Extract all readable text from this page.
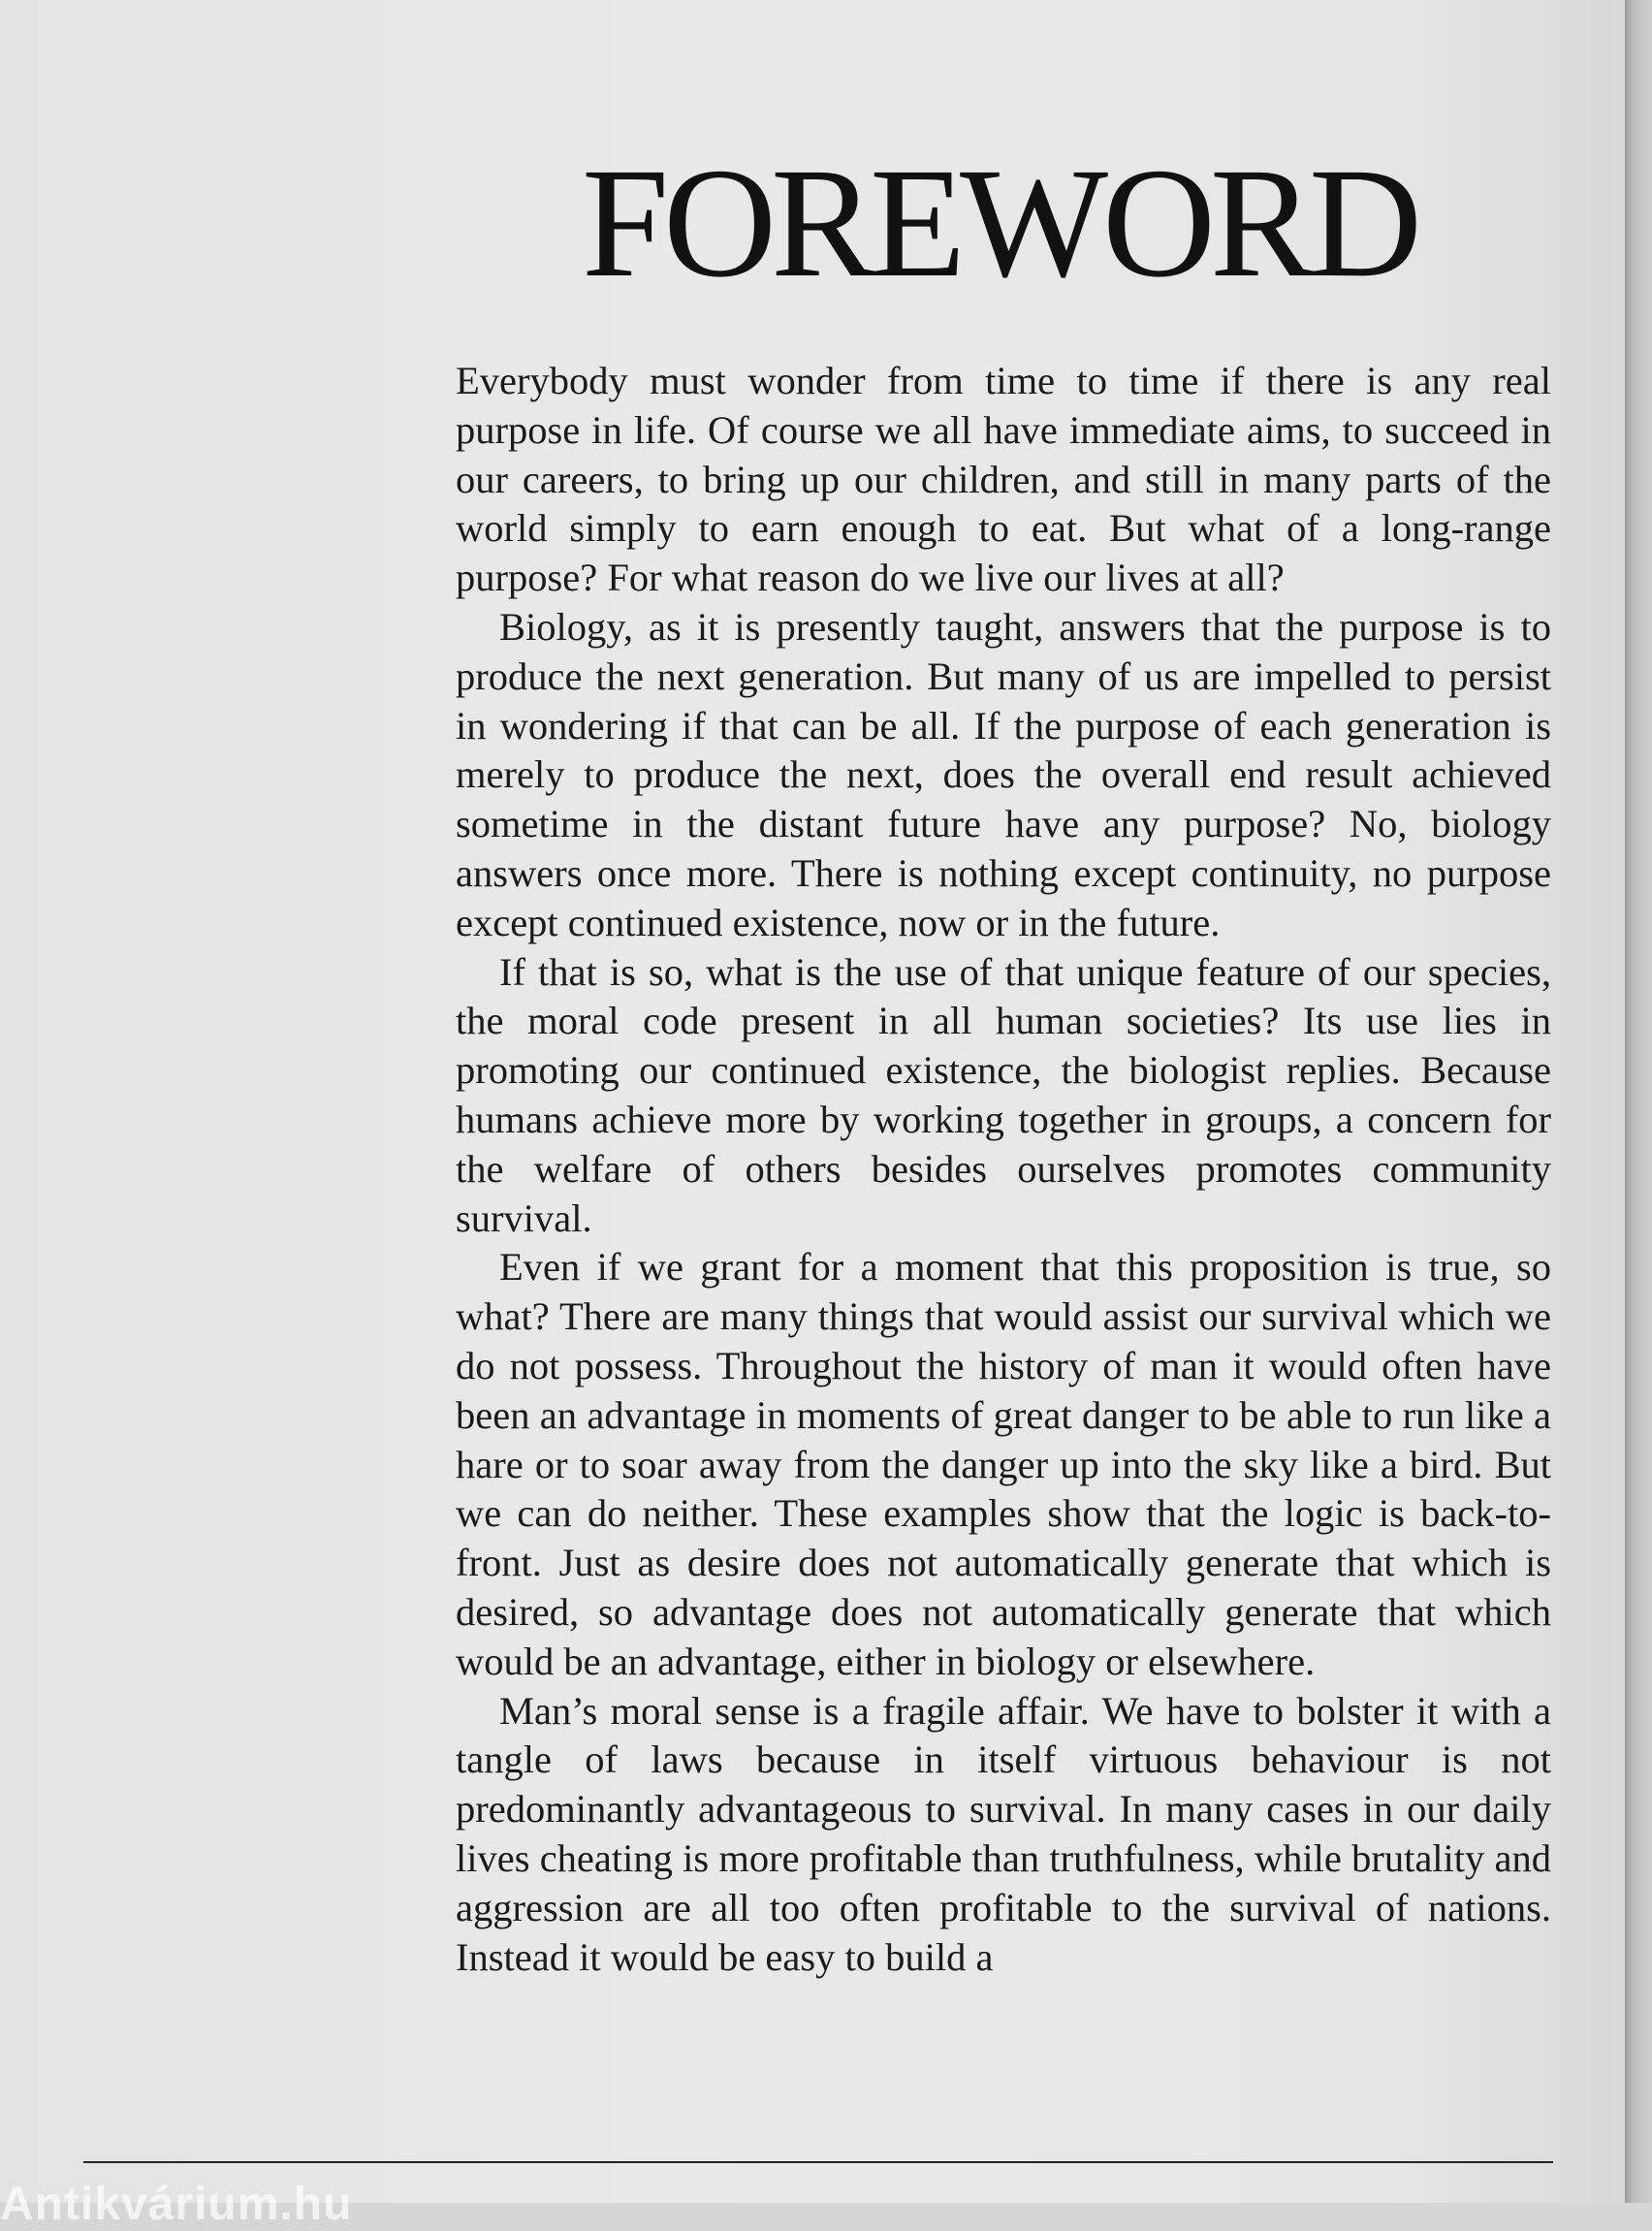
FOREWORD

Everybody must wonder from time to time if there is any real purpose in life. Of course we all have immediate aims, to succeed in our careers, to bring up our children, and still in many parts of the world simply to earn enough to eat. But what of a long-range purpose? For what reason do we live our lives at all?

Biology, as it is presently taught, answers that the purpose is to produce the next generation. But many of us are impelled to persist in wondering if that can be all. If the purpose of each generation is merely to produce the next, does the overall end result achieved sometime in the distant future have any purpose? No, biology answers once more. There is nothing except continuity, no purpose except continued existence, now or in the future.

If that is so, what is the use of that unique feature of our species, the moral code present in all human societies? Its use lies in promoting our continued existence, the biologist replies. Because humans achieve more by working together in groups, a concern for the welfare of others besides ourselves promotes community survival.

Even if we grant for a moment that this proposition is true, so what? There are many things that would assist our survival which we do not possess. Throughout the history of man it would often have been an advantage in moments of great danger to be able to run like a hare or to soar away from the danger up into the sky like a bird. But we can do neither. These examples show that the logic is back-to-front. Just as desire does not automatically generate that which is desired, so advantage does not automatically generate that which would be an advantage, either in biology or elsewhere.

Man’s moral sense is a fragile affair. We have to bolster it with a tangle of laws because in itself virtuous behaviour is not predominantly advantageous to survival. In many cases in our daily lives cheating is more profitable than truthfulness, while brutality and aggression are all too often profitable to the survival of nations. Instead it would be easy to build a

Antikvárium.hu
